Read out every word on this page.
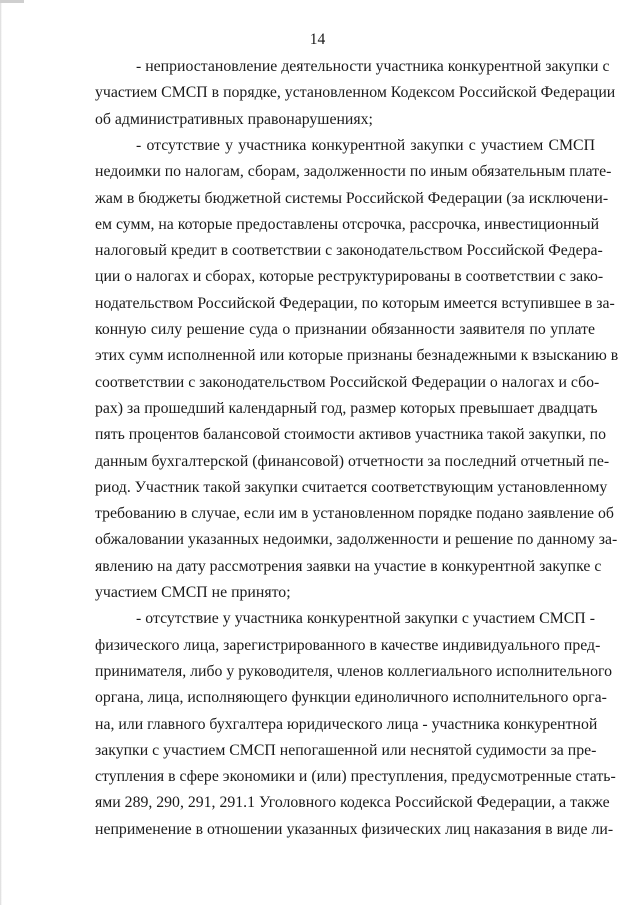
14
- неприостановление деятельности участника конкурентной закупки с
участием СМСП в порядке, установленном Кодексом Российской Федерации
об административных правонарушениях;
- отсутствие у участника конкурентной закупки с участием СМСП
недоимки по налогам, сборам, задолженности по иным обязательным плате-
жам в бюджеты бюджетной системы Российской Федерации (за исключени-
ем сумм, на которые предоставлены отсрочка, рассрочка, инвестиционный
налоговый кредит в соответствии с законодательством Российской Федера-
ции о налогах и сборах, которые реструктурированы в соответствии с зако-
нодательством Российской Федерации, по которым имеется вступившее в за-
конную силу решение суда о признании обязанности заявителя по уплате
этих сумм исполненной или которые признаны безнадежными к взысканию в
соответствии с законодательством Российской Федерации о налогах и сбо-
рах) за прошедший календарный год, размер которых превышает двадцать
пять процентов балансовой стоимости активов участника такой закупки, по
данным бухгалтерской (финансовой) отчетности за последний отчетный пе-
риод. Участник такой закупки считается соответствующим установленному
требованию в случае, если им в установленном порядке подано заявление об
обжаловании указанных недоимки, задолженности и решение по данному за-
явлению на дату рассмотрения заявки на участие в конкурентной закупке с
участием СМСП не принято;
- отсутствие у участника конкурентной закупки с участием СМСП -
физического лица, зарегистрированного в качестве индивидуального пред-
принимателя, либо у руководителя, членов коллегиального исполнительного
органа, лица, исполняющего функции единоличного исполнительного орга-
на, или главного бухгалтера юридического лица - участника конкурентной
закупки с участием СМСП непогашенной или неснятой судимости за пре-
ступления в сфере экономики и (или) преступления, предусмотренные стать-
ями 289, 290, 291, 291.1 Уголовного кодекса Российской Федерации, а также
неприменение в отношении указанных физических лиц наказания в виде ли-
